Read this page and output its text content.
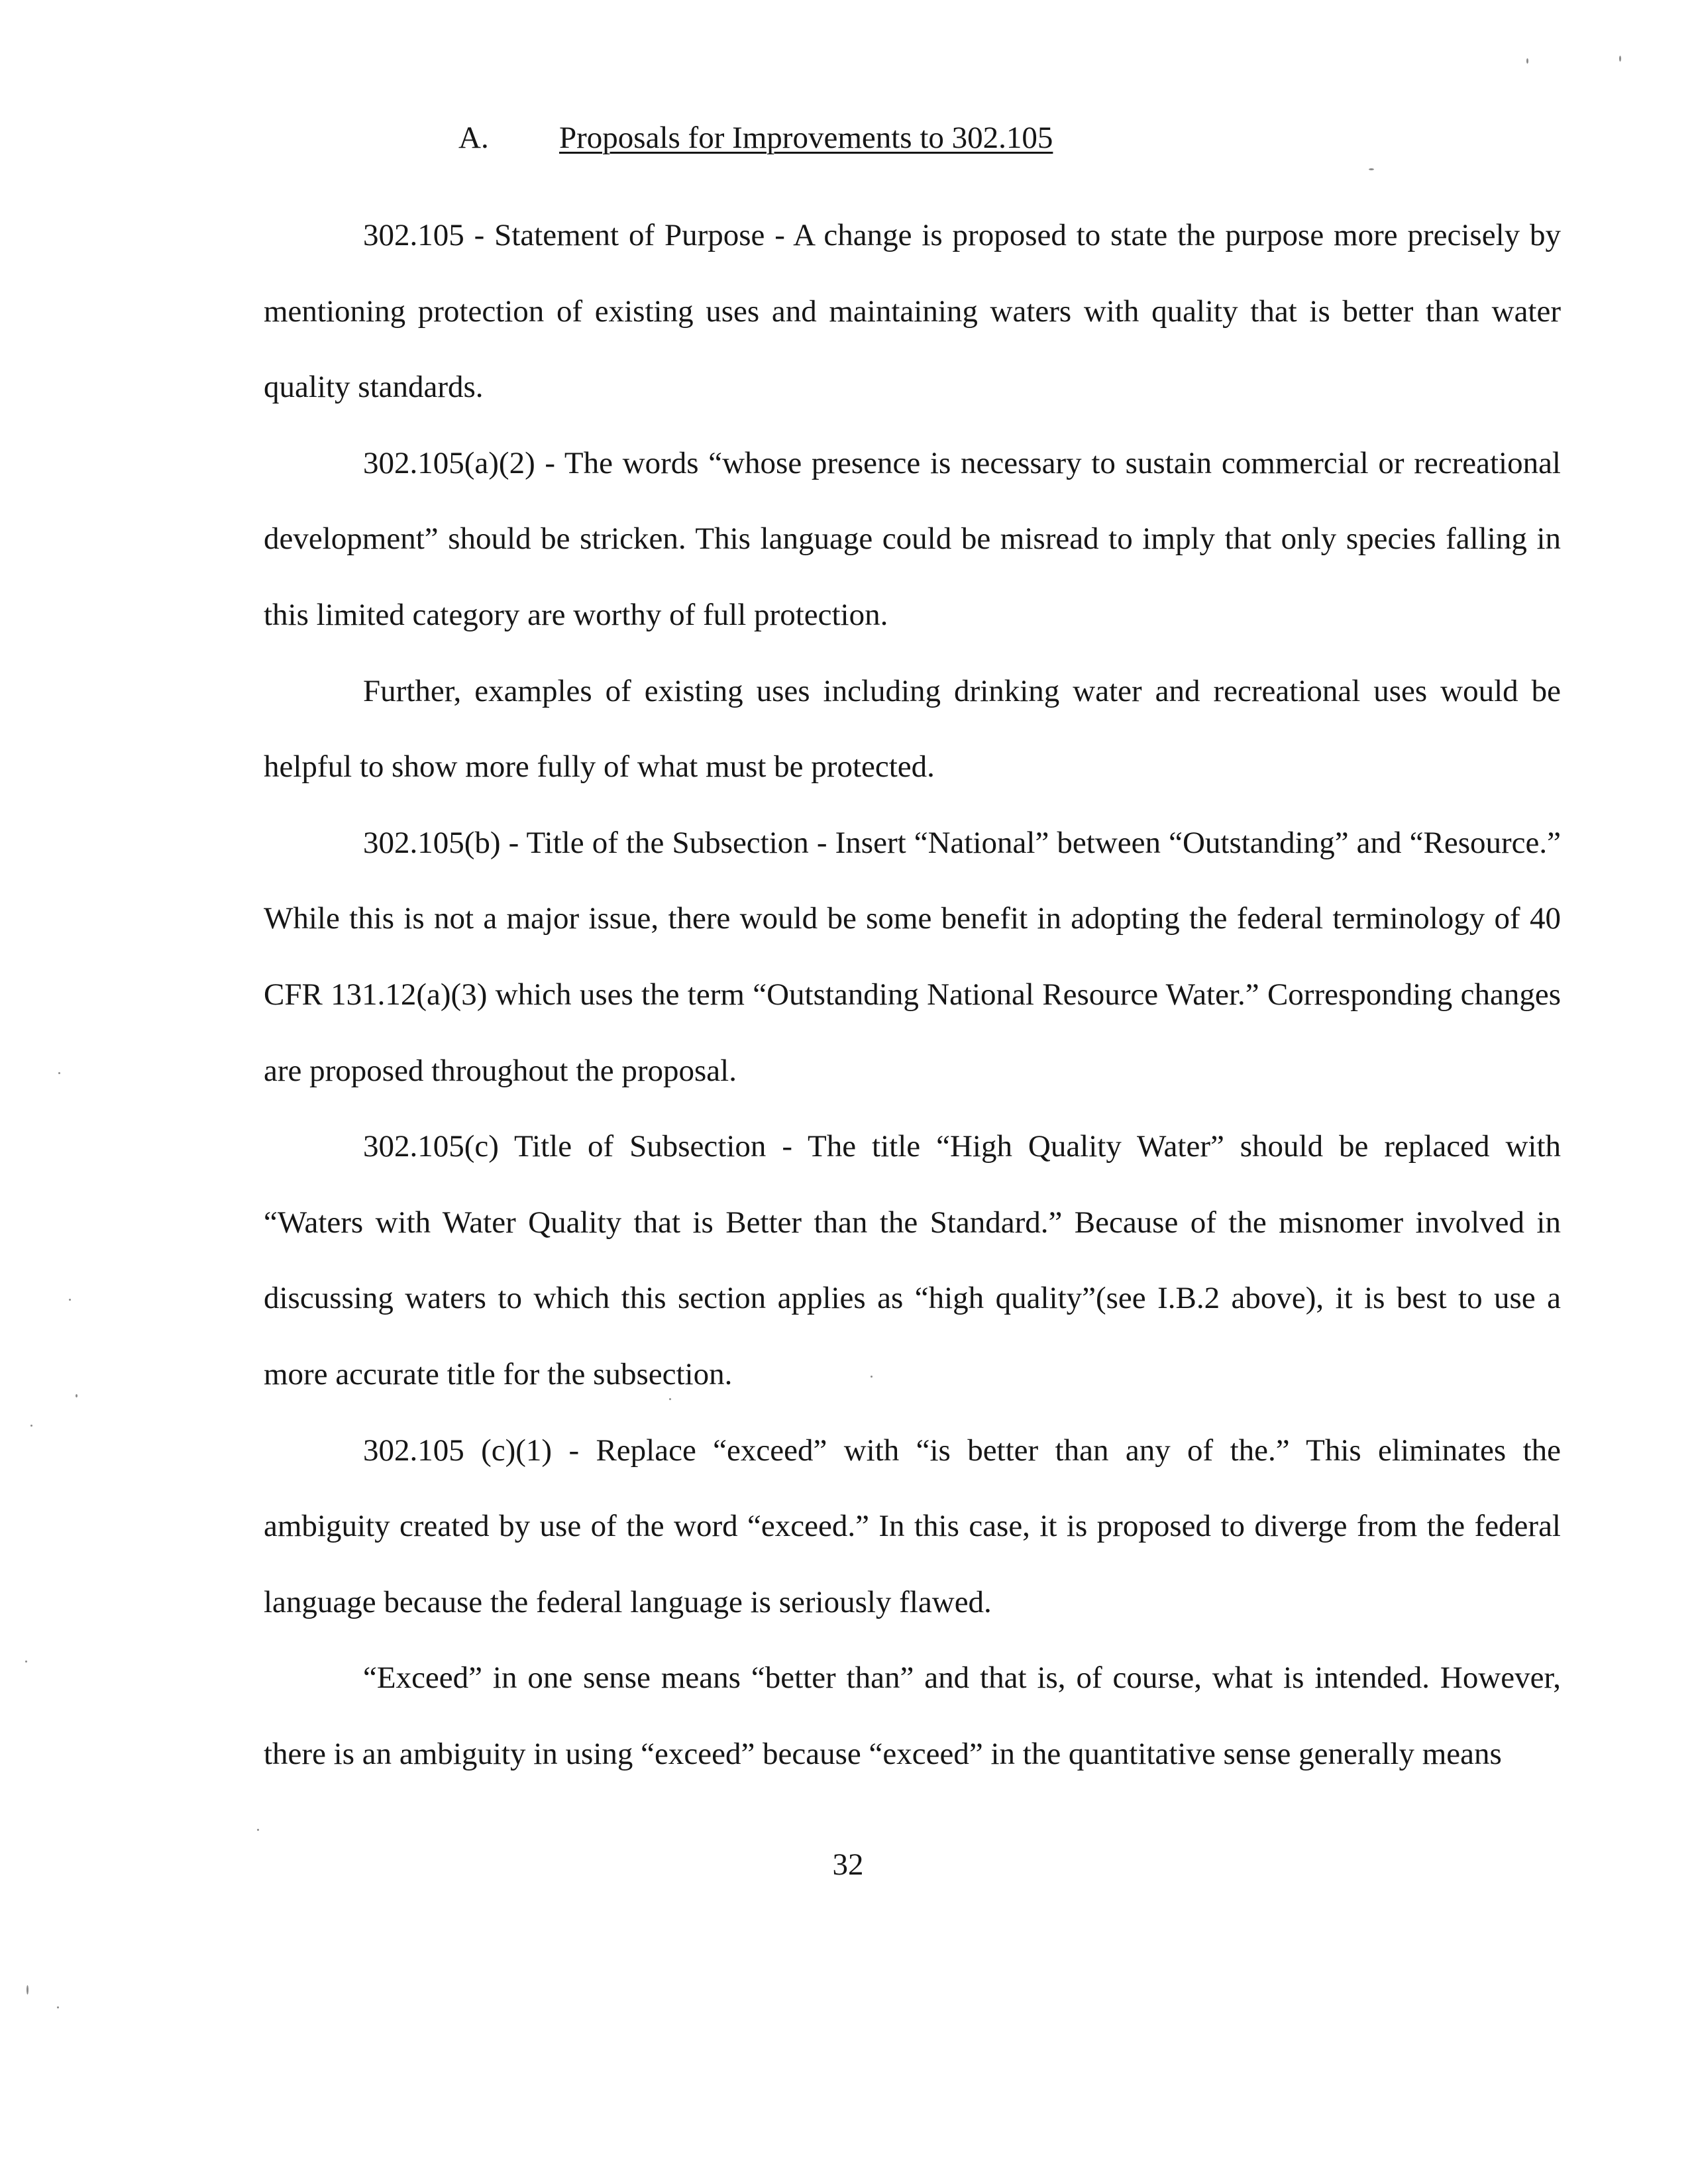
A. Proposals for Improvements to 302.105

302.105 - Statement of Purpose - A change is proposed to state the purpose more precisely by mentioning protection of existing uses and maintaining waters with quality that is better than water quality standards.

302.105(a)(2) - The words “whose presence is necessary to sustain commercial or recreational development” should be stricken. This language could be misread to imply that only species falling in this limited category are worthy of full protection.

Further, examples of existing uses including drinking water and recreational uses would be helpful to show more fully of what must be protected.

302.105(b) - Title of the Subsection - Insert “National” between “Outstanding” and “Resource.” While this is not a major issue, there would be some benefit in adopting the federal terminology of 40 CFR 131.12(a)(3) which uses the term “Outstanding National Resource Water.” Corresponding changes are proposed throughout the proposal.

302.105(c) Title of Subsection - The title “High Quality Water” should be replaced with “Waters with Water Quality that is Better than the Standard.” Because of the misnomer involved in discussing waters to which this section applies as “high quality”(see I.B.2 above), it is best to use a more accurate title for the subsection.

302.105 (c)(1) - Replace “exceed” with “is better than any of the.” This eliminates the ambiguity created by use of the word “exceed.” In this case, it is proposed to diverge from the federal language because the federal language is seriously flawed.

“Exceed” in one sense means “better than” and that is, of course, what is intended. However, there is an ambiguity in using “exceed” because “exceed” in the quantitative sense generally means

32
